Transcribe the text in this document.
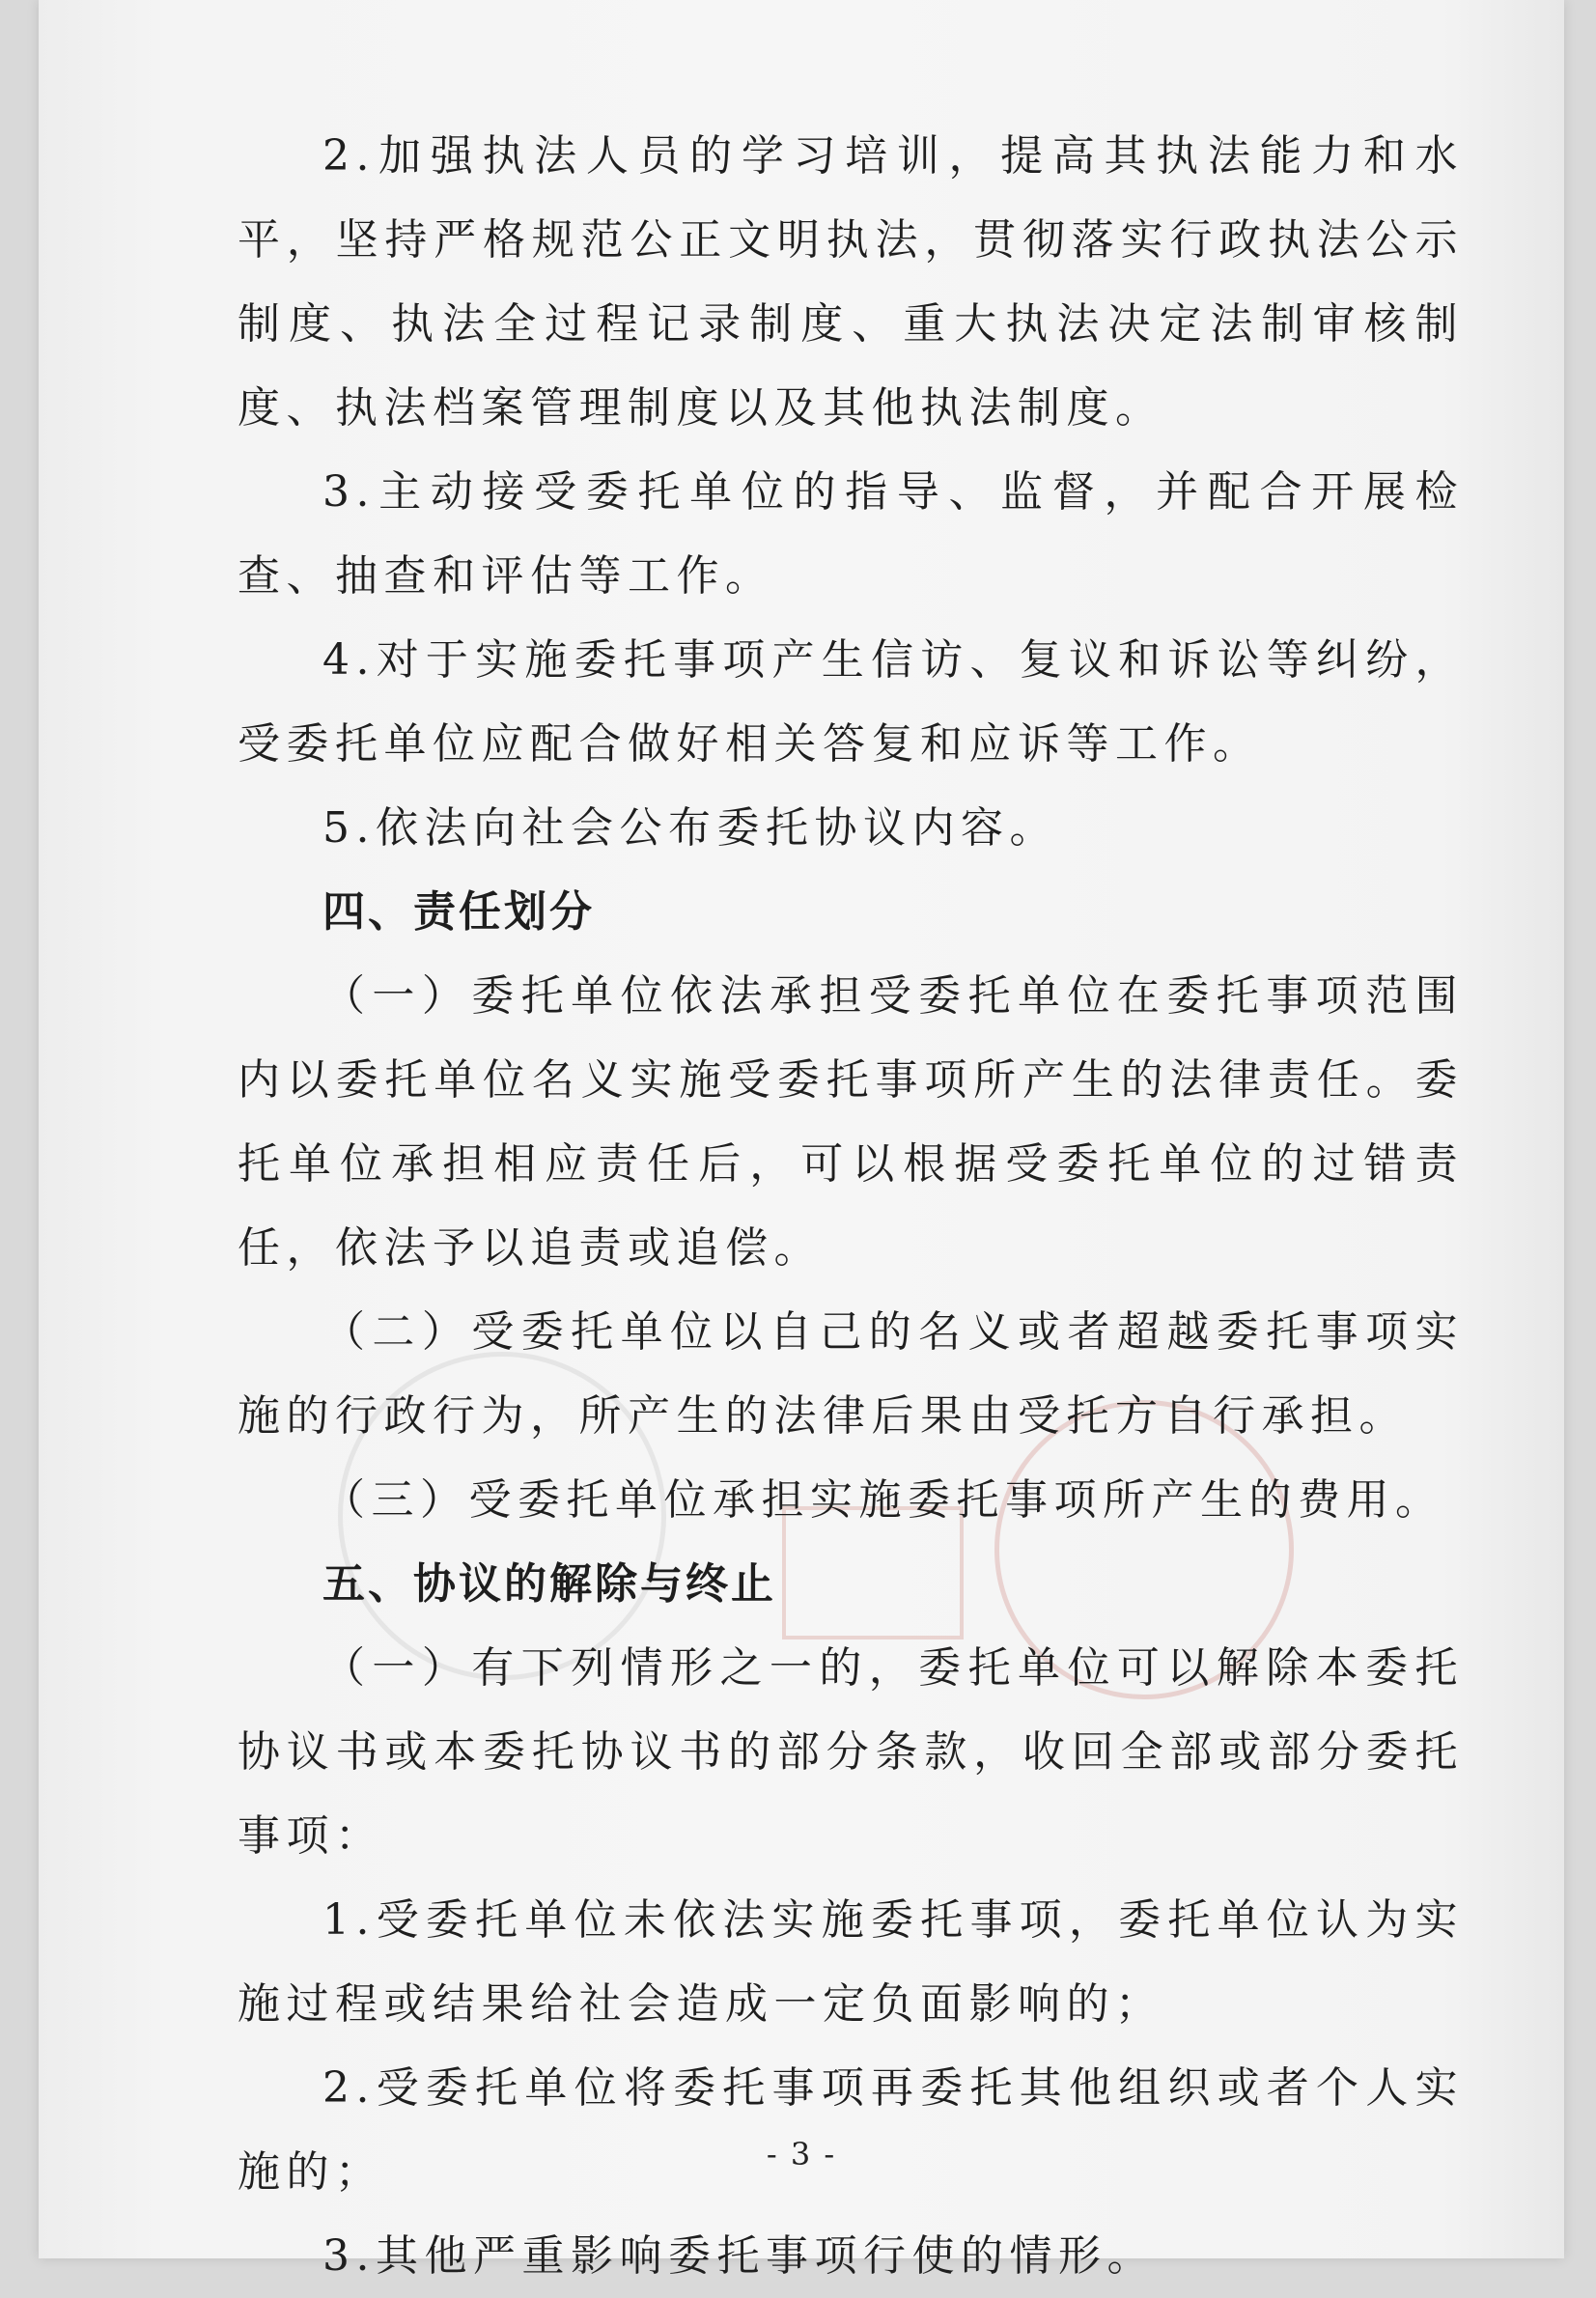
2.加强执法人员的学习培训，提高其执法能力和水平，坚持严格规范公正文明执法，贯彻落实行政执法公示制度、执法全过程记录制度、重大执法决定法制审核制度、执法档案管理制度以及其他执法制度。

3.主动接受委托单位的指导、监督，并配合开展检查、抽查和评估等工作。

4.对于实施委托事项产生信访、复议和诉讼等纠纷，受委托单位应配合做好相关答复和应诉等工作。

5.依法向社会公布委托协议内容。

四、责任划分

（一）委托单位依法承担受委托单位在委托事项范围内以委托单位名义实施受委托事项所产生的法律责任。委托单位承担相应责任后，可以根据受委托单位的过错责任，依法予以追责或追偿。

（二）受委托单位以自己的名义或者超越委托事项实施的行政行为，所产生的法律后果由受托方自行承担。

（三）受委托单位承担实施委托事项所产生的费用。

五、协议的解除与终止

（一）有下列情形之一的，委托单位可以解除本委托协议书或本委托协议书的部分条款，收回全部或部分委托事项：

1.受委托单位未依法实施委托事项，委托单位认为实施过程或结果给社会造成一定负面影响的；

2.受委托单位将委托事项再委托其他组织或者个人实施的；

3.其他严重影响委托事项行使的情形。

- 3 -
